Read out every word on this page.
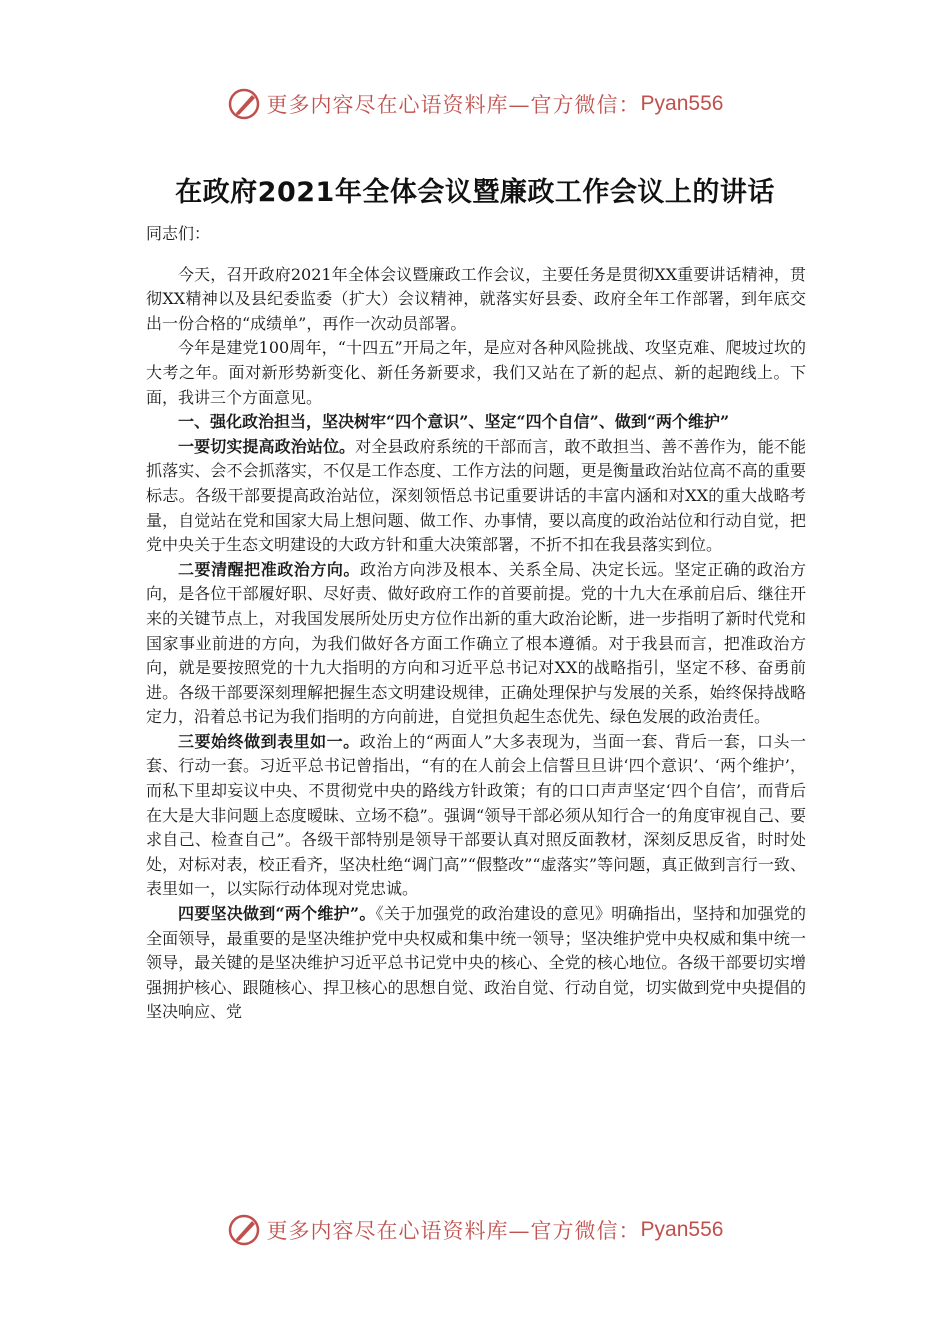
更多内容尽在心语资料库—官方微信： Pyan556
在政府2021年全体会议暨廉政工作会议上的讲话

同志们：

今天，召开政府2021年全体会议暨廉政工作会议，主要任务是贯彻XX重要讲话精神，贯彻XX精神以及县纪委监委（扩大）会议精神，就落实好县委、政府全年工作部署，到年底交出一份合格的“成绩单”，再作一次动员部署。

今年是建党100周年，“十四五”开局之年，是应对各种风险挑战、攻坚克难、爬坡过坎的大考之年。面对新形势新变化、新任务新要求，我们又站在了新的起点、新的起跑线上。下面，我讲三个方面意见。

一、强化政治担当，坚决树牢“四个意识”、坚定“四个自信”、做到“两个维护”

一要切实提高政治站位。对全县政府系统的干部而言，敢不敢担当、善不善作为，能不能抓落实、会不会抓落实，不仅是工作态度、工作方法的问题，更是衡量政治站位高不高的重要标志。各级干部要提高政治站位，深刻领悟总书记重要讲话的丰富内涵和对XX的重大战略考量，自觉站在党和国家大局上想问题、做工作、办事情，要以高度的政治站位和行动自觉，把党中央关于生态文明建设的大政方针和重大决策部署，不折不扣在我县落实到位。

二要清醒把准政治方向。政治方向涉及根本、关系全局、决定长远。坚定正确的政治方向，是各位干部履好职、尽好责、做好政府工作的首要前提。党的十九大在承前启后、继往开来的关键节点上，对我国发展所处历史方位作出新的重大政治论断，进一步指明了新时代党和国家事业前进的方向，为我们做好各方面工作确立了根本遵循。对于我县而言，把准政治方向，就是要按照党的十九大指明的方向和习近平总书记对XX的战略指引，坚定不移、奋勇前进。各级干部要深刻理解把握生态文明建设规律，正确处理保护与发展的关系，始终保持战略定力，沿着总书记为我们指明的方向前进，自觉担负起生态优先、绿色发展的政治责任。

三要始终做到表里如一。政治上的“两面人”大多表现为，当面一套、背后一套，口头一套、行动一套。习近平总书记曾指出，“有的在人前会上信誓旦旦讲‘四个意识’、‘两个维护’，而私下里却妄议中央、不贯彻党中央的路线方针政策；有的口口声声坚定‘四个自信’，而背后在大是大非问题上态度暧昧、立场不稳”。强调“领导干部必须从知行合一的角度审视自己、要求自己、检查自己”。各级干部特别是领导干部要认真对照反面教材，深刻反思反省，时时处处，对标对表，校正看齐，坚决杜绝“调门高”“假整改”“虚落实”等问题，真正做到言行一致、表里如一，以实际行动体现对党忠诚。

四要坚决做到“两个维护”。《关于加强党的政治建设的意见》明确指出，坚持和加强党的全面领导，最重要的是坚决维护党中央权威和集中统一领导；坚决维护党中央权威和集中统一领导，最关键的是坚决维护习近平总书记党中央的核心、全党的核心地位。各级干部要切实增强拥护核心、跟随核心、捍卫核心的思想自觉、政治自觉、行动自觉，切实做到党中央提倡的坚决响应、党

更多内容尽在心语资料库—官方微信： Pyan556
